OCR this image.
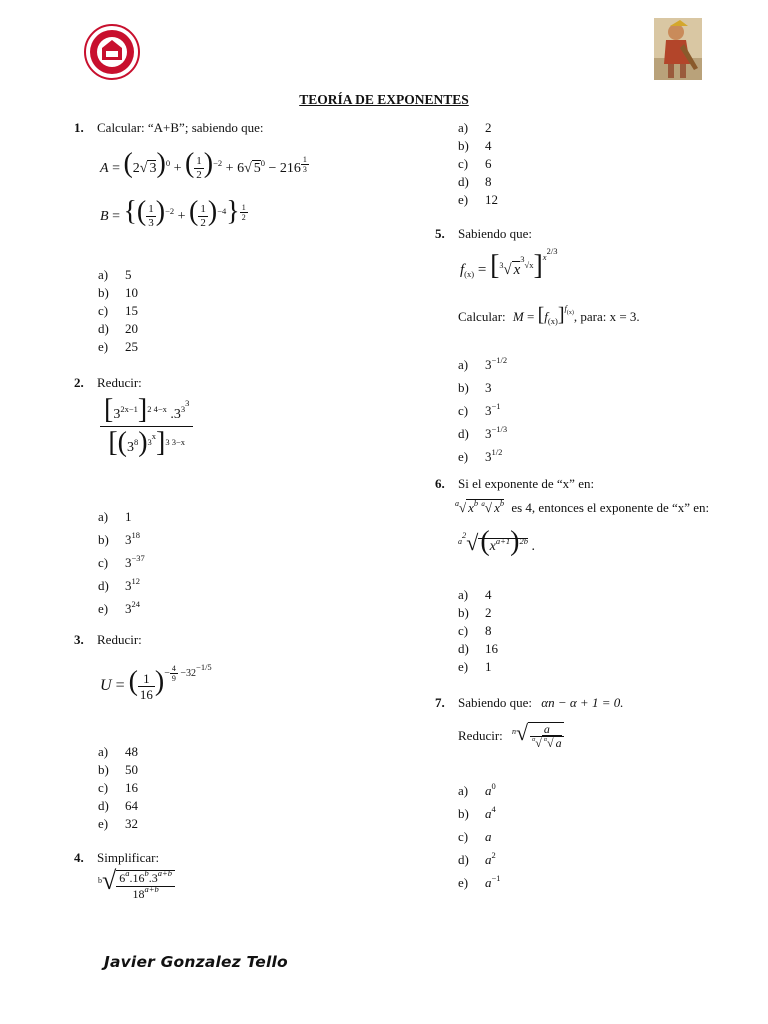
TEORÍA DE EXPONENTES
1. Calcular: “A+B”; sabiendo que:
A = (2√ 3)$^0$ + ( $\frac{1}{2} )^{-2} + 6√$ $5^0 - 216$ $^{\frac{1}{3}}$
B = {( $\frac{1}{3} )^{-2}$ + ( $\frac{1}{2} )^{-4}$} $^{\frac{1}{2}}$
a) 5
b) 10
c) 15
d) 20
e) 25
2. Reducir:
$\frac{[3^{2x-1}]^{2 4-x} .3^{3^3}}{[(3^8)^{3^x}]^{3 3-x}}$
a) 1
b) $3^{18}$
c) $3^{-37}$
d) $3^{12}$
e) $3^{24}$
3. Reducir:
U = ( $\frac{1}{16} )^{- \frac{4}{9} -32^{-1/5}}$
a) 48
b) 50
c) 16
d) 64
e) 32
4. Simplificar:
$^b√ \frac{6^a.16^b.3^{a+b}}{18^{a+b}}$
Javier Gonzalez Tello
a) 2
b) 4
c) 6
d) 8
e) 12
5. Sabiendo que:
$f_{(x)} = [^3√$ $x^{^3√x}]^{x^{2/3}}$
Calcular: $M = [f_{(x)}]^{f_{(x)}}$, para: x = 3.
a) $3^{-1/2}$
b) 3
c) $3^{-1}$
d) $3^{-1/3}$
e) $3^{1/2}$
6. Si el exponente de “x” en:
$^a$√ $x^b$ $^a$√ $x^b$ es 4, entonces el exponente de “x” en:
$^{a^2}√(x^{a+1})^{2b}$ .
a) 4
b) 2
c) 8
d) 16
e) 1
7. Sabiendo que: αn − α + 1 = 0.
Reducir: $^n√ \frac{a}{^\alpha√ ^\alpha√ a}$
a) $a^0$
b) $a^4$
c) a
d) $a^2$
e) $a^{-1}$
